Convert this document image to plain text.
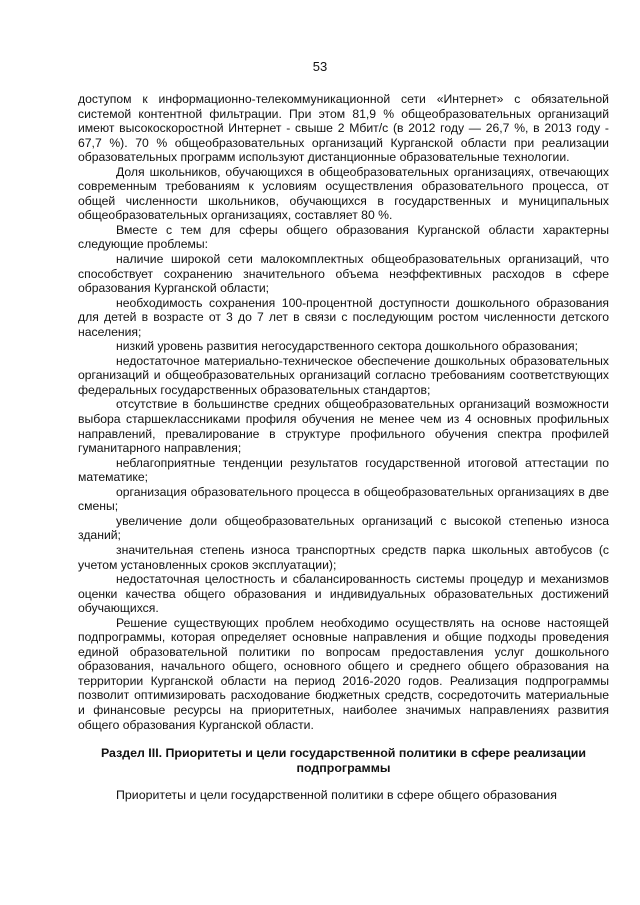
53

доступом к информационно-телекоммуникационной сети «Интернет» с обязательной системой контентной фильтрации. При этом 81,9 % общеобразовательных организаций имеют высокоскоростной Интернет - свыше 2 Мбит/с (в 2012 году — 26,7 %, в 2013 году - 67,7 %). 70 % общеобразовательных организаций Курганской области при реализации образовательных программ используют дистанционные образовательные технологии.

Доля школьников, обучающихся в общеобразовательных организациях, отвечающих современным требованиям к условиям осуществления образовательного процесса, от общей численности школьников, обучающихся в государственных и муниципальных общеобразовательных организациях, составляет 80 %.

Вместе с тем для сферы общего образования Курганской области характерны следующие проблемы:

наличие широкой сети малокомплектных общеобразовательных организаций, что способствует сохранению значительного объема неэффективных расходов в сфере образования Курганской области;

необходимость сохранения 100-процентной доступности дошкольного образования для детей в возрасте от 3 до 7 лет в связи с последующим ростом численности детского населения;

низкий уровень развития негосударственного сектора дошкольного образования;

недостаточное материально-техническое обеспечение дошкольных образовательных организаций и общеобразовательных организаций согласно требованиям соответствующих федеральных государственных образовательных стандартов;

отсутствие в большинстве средних общеобразовательных организаций возможности выбора старшеклассниками профиля обучения не менее чем из 4 основных профильных направлений, превалирование в структуре профильного обучения спектра профилей гуманитарного направления;

неблагоприятные тенденции результатов государственной итоговой аттестации по математике;

организация образовательного процесса в общеобразовательных организациях в две смены;

увеличение доли общеобразовательных организаций с высокой степенью износа зданий;

значительная степень износа транспортных средств парка школьных автобусов (с учетом установленных сроков эксплуатации);

недостаточная целостность и сбалансированность системы процедур и механизмов оценки качества общего образования и индивидуальных образовательных достижений обучающихся.

Решение существующих проблем необходимо осуществлять на основе настоящей подпрограммы, которая определяет основные направления и общие подходы проведения единой образовательной политики по вопросам предоставления услуг дошкольного образования, начального общего, основного общего и среднего общего образования на территории Курганской области на период 2016-2020 годов. Реализация подпрограммы позволит оптимизировать расходование бюджетных средств, сосредоточить материальные и финансовые ресурсы на приоритетных, наиболее значимых направлениях развития общего образования Курганской области.

Раздел III. Приоритеты и цели государственной политики в сфере реализации подпрограммы

Приоритеты и цели государственной политики в сфере общего образования
